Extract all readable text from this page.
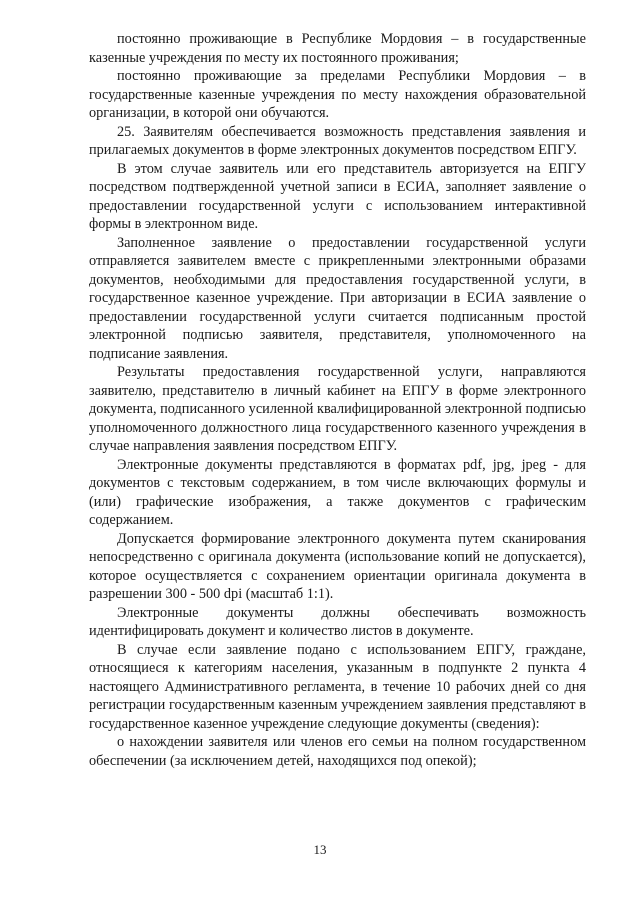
постоянно проживающие в Республике Мордовия – в государственные казенные учреждения по месту их постоянного проживания;

постоянно проживающие за пределами Республики Мордовия – в государственные казенные учреждения по месту нахождения образовательной организации, в которой они обучаются.

25. Заявителям обеспечивается возможность представления заявления и прилагаемых документов в форме электронных документов посредством ЕПГУ.

В этом случае заявитель или его представитель авторизуется на ЕПГУ посредством подтвержденной учетной записи в ЕСИА, заполняет заявление о предоставлении государственной услуги с использованием интерактивной формы в электронном виде.

Заполненное заявление о предоставлении государственной услуги отправляется заявителем вместе с прикрепленными электронными образами документов, необходимыми для предоставления государственной услуги, в государственное казенное учреждение. При авторизации в ЕСИА заявление о предоставлении государственной услуги считается подписанным простой электронной подписью заявителя, представителя, уполномоченного на подписание заявления.

Результаты предоставления государственной услуги, направляются заявителю, представителю в личный кабинет на ЕПГУ в форме электронного документа, подписанного усиленной квалифицированной электронной подписью уполномоченного должностного лица государственного казенного учреждения в случае направления заявления посредством ЕПГУ.

Электронные документы представляются в форматах pdf, jpg, jpeg - для документов с текстовым содержанием, в том числе включающих формулы и (или) графические изображения, а также документов с графическим содержанием.

Допускается формирование электронного документа путем сканирования непосредственно с оригинала документа (использование копий не допускается), которое осуществляется с сохранением ориентации оригинала документа в разрешении 300 - 500 dpi (масштаб 1:1).

Электронные документы должны обеспечивать возможность идентифицировать документ и количество листов в документе.

В случае если заявление подано с использованием ЕПГУ, граждане, относящиеся к категориям населения, указанным в подпункте 2 пункта 4 настоящего Административного регламента, в течение 10 рабочих дней со дня регистрации государственным казенным учреждением заявления представляют в государственное казенное учреждение следующие документы (сведения):

о нахождении заявителя или членов его семьи на полном государственном обеспечении (за исключением детей, находящихся под опекой);

13
